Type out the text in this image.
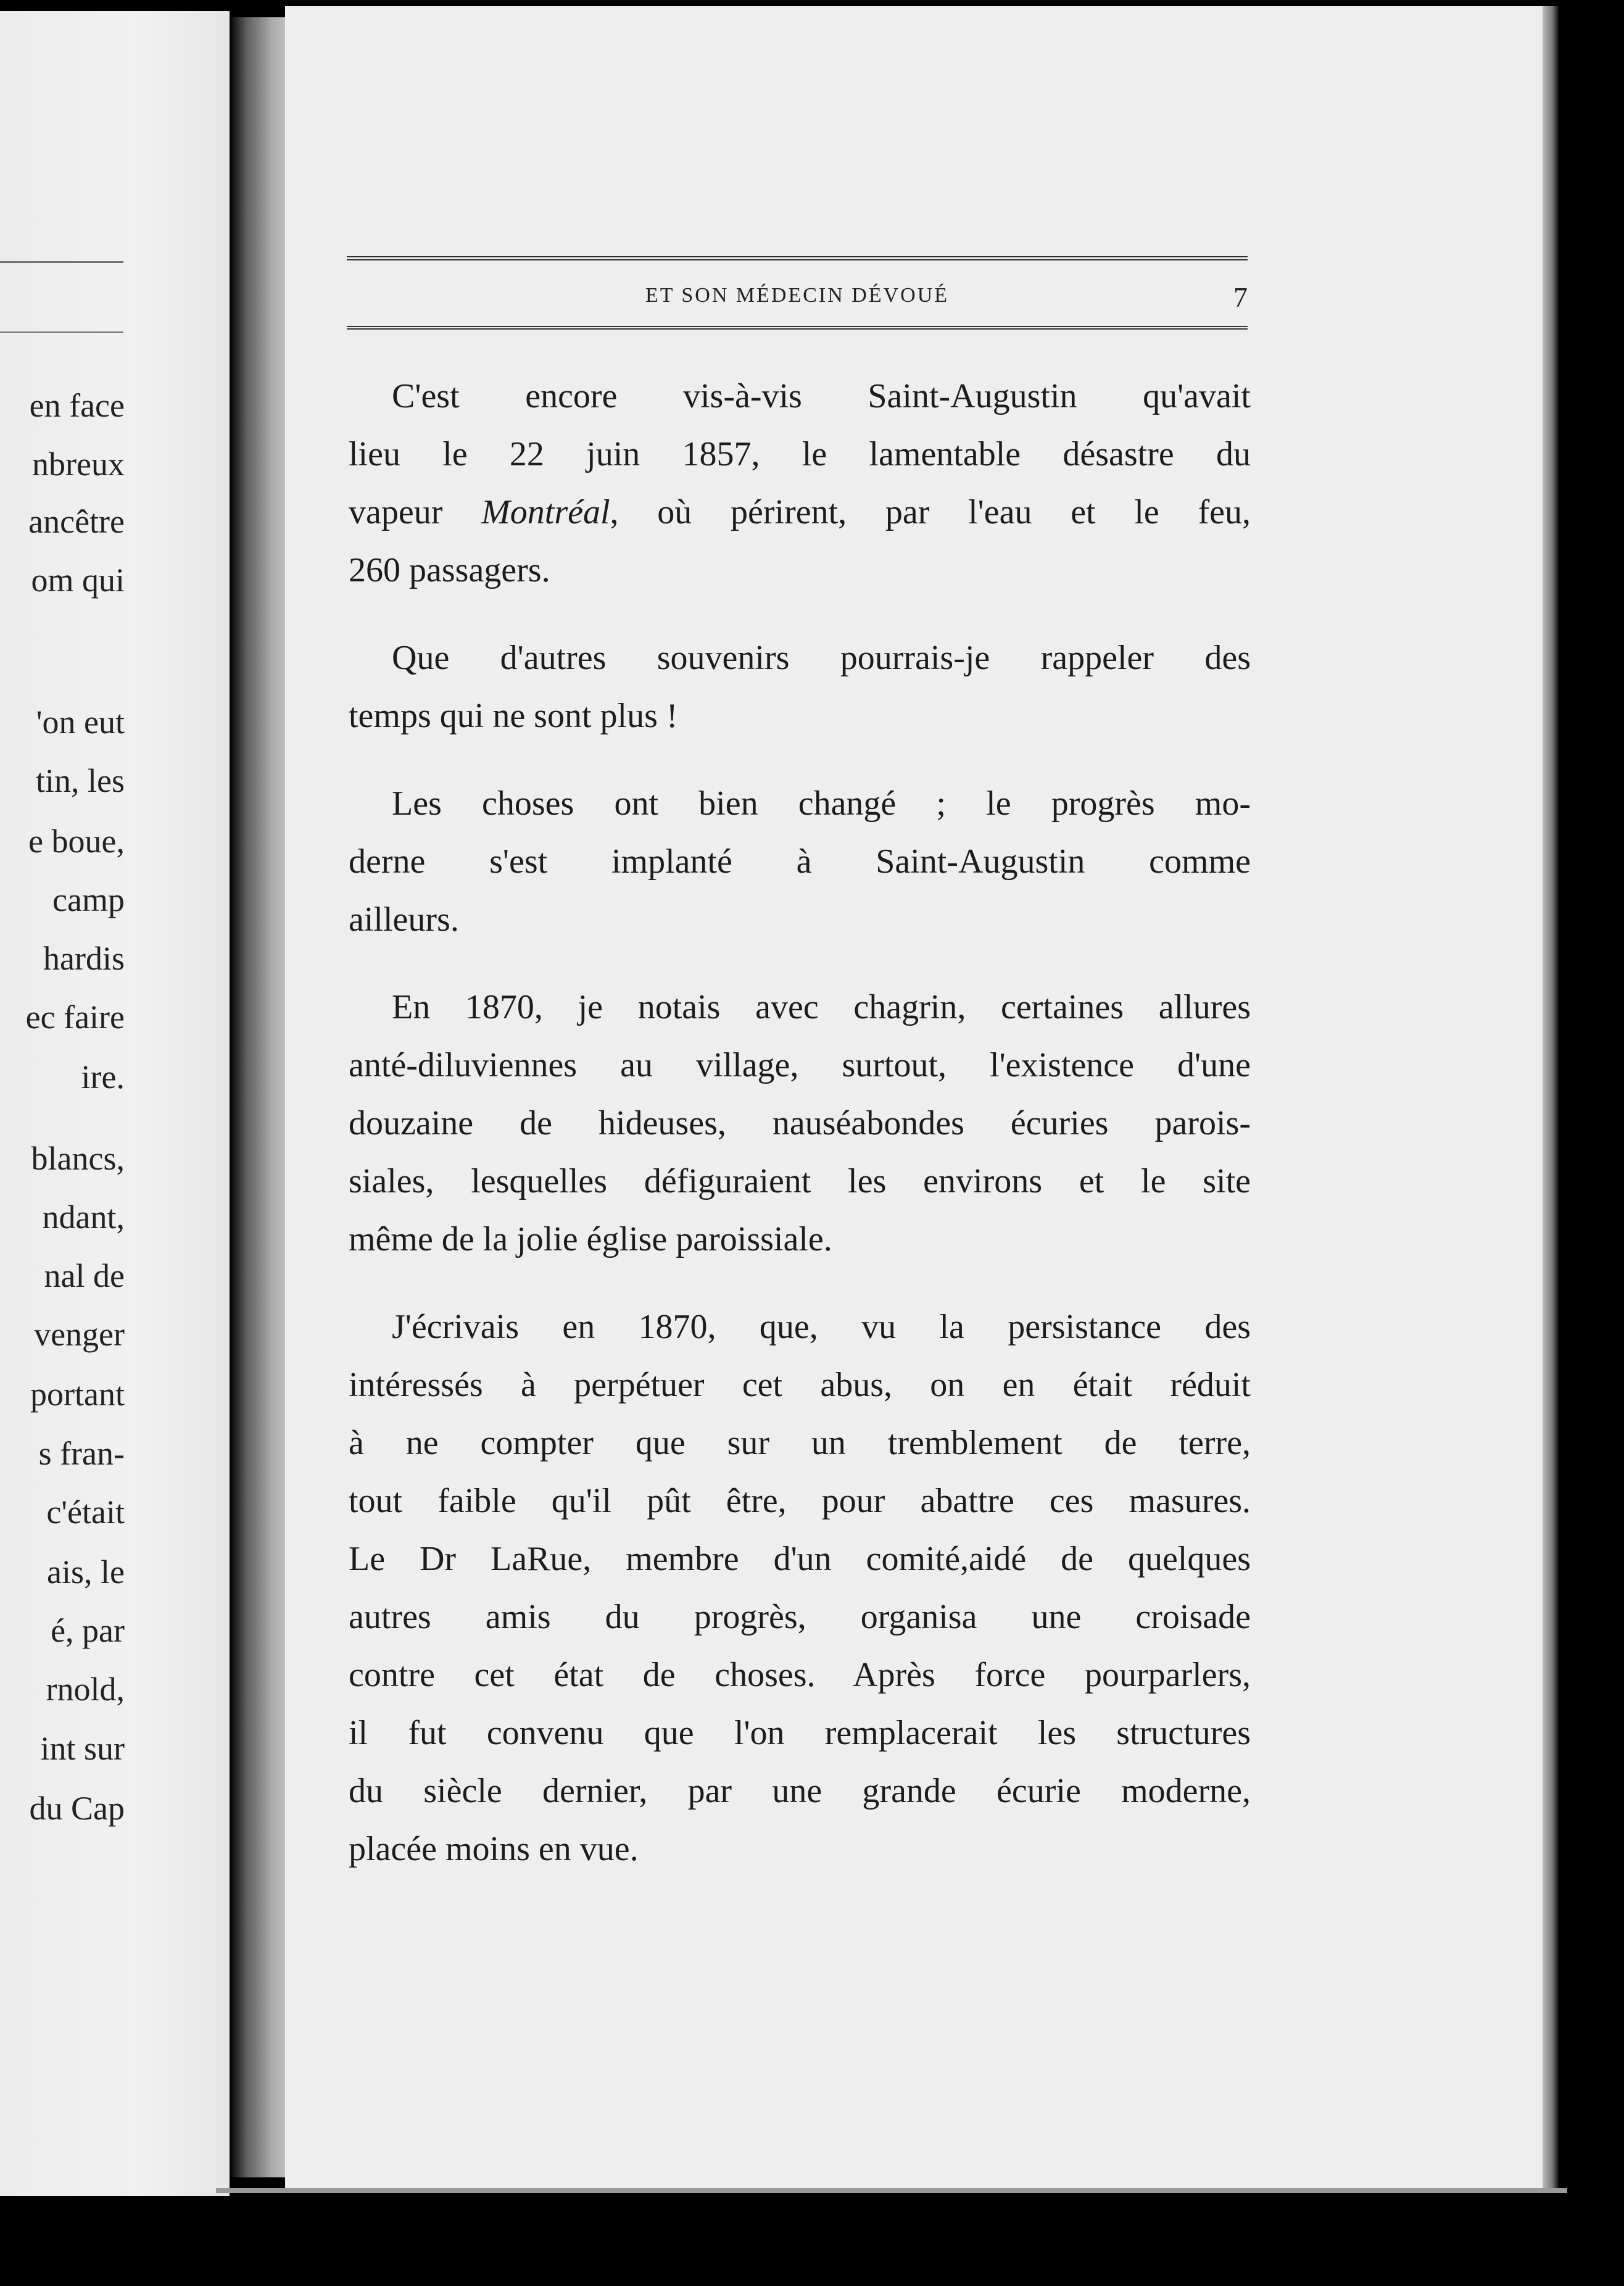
en face
nbreux
ancêtre
om qui
'on eut
tin, les
e boue,
camp
hardis
ec faire
ire.
blancs,
ndant,
nal de
venger
portant
s fran-
c'était
ais, le
é, par
rnold,
int sur
du Cap
ET SON MÉDECIN DÉVOUÉ	7
C'est encore vis-à-vis Saint-Augustin qu'avait
lieu le 22 juin 1857, le lamentable désastre du
vapeur Montréal, où périrent, par l'eau et le feu,
260 passagers.
Que d'autres souvenirs pourrais-je rappeler des
temps qui ne sont plus !
Les choses ont bien changé ; le progrès mo-
derne s'est implanté à Saint-Augustin comme
ailleurs.
En 1870, je notais avec chagrin, certaines allures
anté-diluviennes au village, surtout, l'existence d'une
douzaine de hideuses, nauséabondes écuries parois-
siales, lesquelles défiguraient les environs et le site
même de la jolie église paroissiale.
J'écrivais en 1870, que, vu la persistance des
intéressés à perpétuer cet abus, on en était réduit
à ne compter que sur un tremblement de terre,
tout faible qu'il pût être, pour abattre ces masures.
Le Dr LaRue, membre d'un comité,aidé de quelques
autres amis du progrès, organisa une croisade
contre cet état de choses. Après force pourparlers,
il fut convenu que l'on remplacerait les structures
du siècle dernier, par une grande écurie moderne,
placée moins en vue.
